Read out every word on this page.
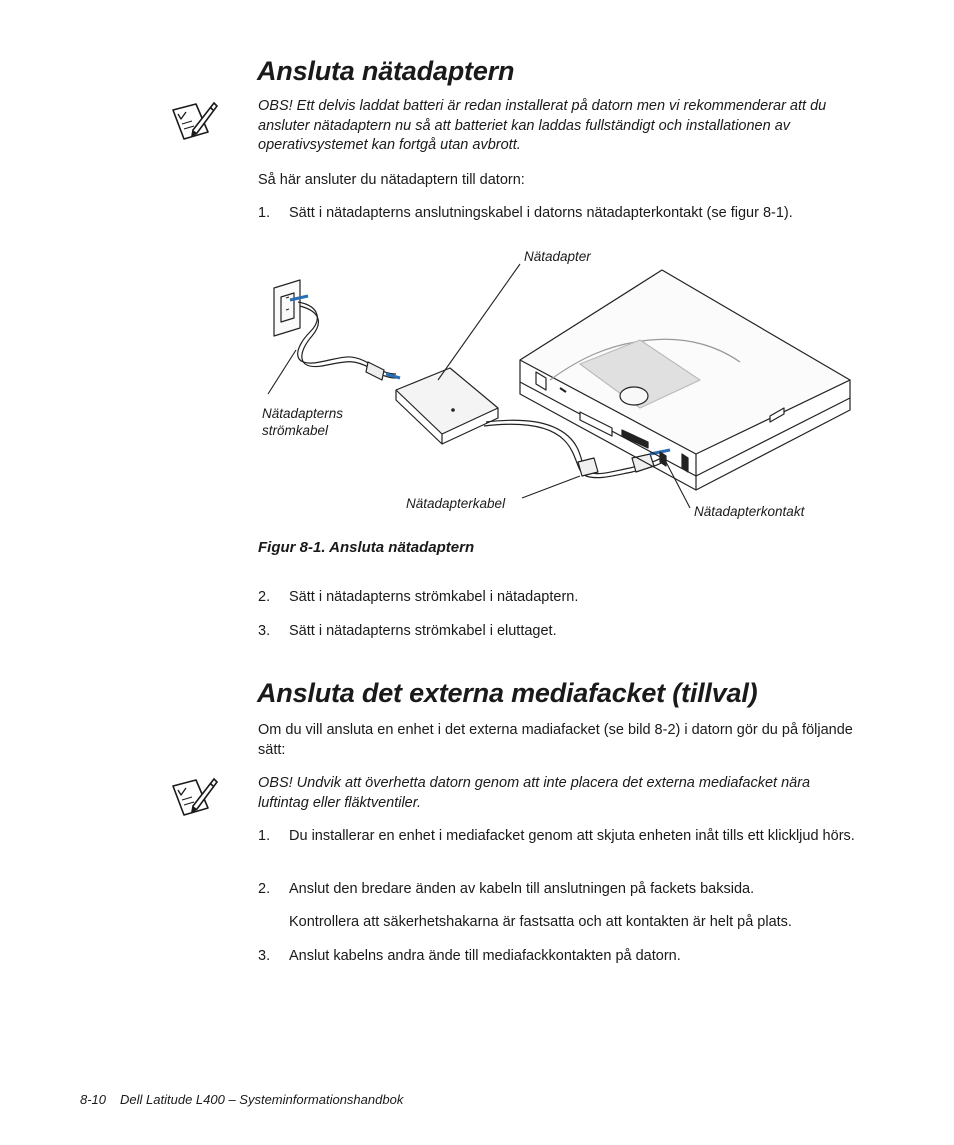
Ansluta nätadaptern

OBS! Ett delvis laddat batteri är redan installerat på datorn men vi rekommenderar att du ansluter nätadaptern nu så att batteriet kan laddas fullständigt och installationen av operativsystemet kan fortgå utan avbrott.

Så här ansluter du nätadaptern till datorn:

1.	Sätt i nätadapterns anslutningskabel i datorns nätadapterkontakt (se figur 8-1).
Nätadapter
Nätadapterns
strömkabel
Nätadapterkabel
Nätadapterkontakt
Figur 8-1. Ansluta nätadaptern
2.	Sätt i nätadapterns strömkabel i nätadaptern.
3.	Sätt i nätadapterns strömkabel i eluttaget.
Ansluta det externa mediafacket (tillval)

Om du vill ansluta en enhet i det externa madiafacket (se bild 8-2) i datorn gör du på följande sätt:

OBS! Undvik att överhetta datorn genom att inte placera det externa mediafacket nära luftintag eller fläktventiler.

1.	Du installerar en enhet i mediafacket genom att skjuta enheten inåt tills ett klickljud hörs.
2.	Anslut den bredare änden av kabeln till anslutningen på fackets baksida.
Kontrollera att säkerhetshakarna är fastsatta och att kontakten är helt på plats.
3.	Anslut kabelns andra ände till mediafackkontakten på datorn.
8-10 Dell Latitude L400 – Systeminformationshandbok
